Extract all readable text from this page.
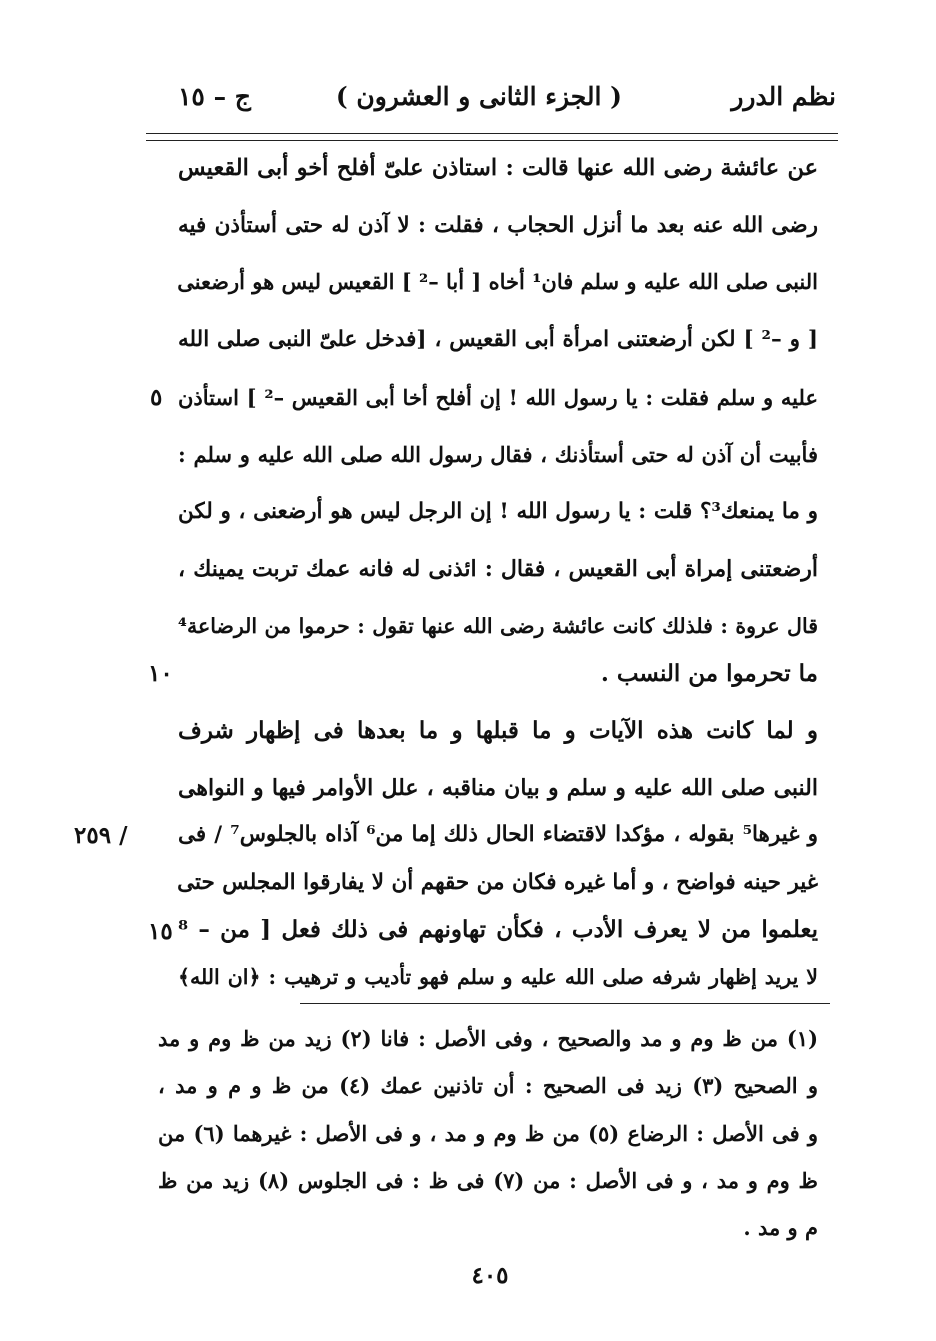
نظم الدرر
( الجزء الثانى و العشرون )
ج – ١٥
عن عائشة رضى الله عنها قالت : استاذن علىّ أفلح أخو أبى القعيس
رضى الله عنه بعد ما أنزل الحجاب ، فقلت : لا آذن له حتى أستأذن فيه
النبى صلى الله عليه و سلم فان¹ أخاه [ أبا –² ] القعيس ليس هو أرضعنى
[ و –² ] لكن أرضعتنى امرأة أبى القعيس ، [فدخل علىّ النبى صلى الله
عليه و سلم فقلت : يا رسول الله ! إن أفلح أخا أبى القعيس –² ] استأذن
فأبيت أن آذن له حتى أستأذنك ، فقال رسول الله صلى الله عليه و سلم :
و ما يمنعك³؟ قلت : يا رسول الله ! إن الرجل ليس هو أرضعنى ، و لكن
أرضعتنى إمراة أبى القعيس ، فقال : ائذنى له فانه عمك تربت يمينك ،
قال عروة : فلذلك كانت عائشة رضى الله عنها تقول : حرموا من الرضاعة⁴
ما تحرموا من النسب .
و لما كانت هذه الآيات و ما قبلها و ما بعدها فى إظهار شرف
النبى صلى الله عليه و سلم و بيان مناقبه ، علل الأوامر فيها و النواهى
و غيرها⁵ بقوله ، مؤكدا لاقتضاء الحال ذلك إما من⁶ آذاه بالجلوس⁷ / فى
غير حينه فواضح ، و أما غيره فكان من حقهم أن لا يفارقوا المجلس حتى
يعلموا من لا يعرف الأدب ، فكأن تهاونهم فى ذلك فعل [ من – ⁸
لا يريد إظهار شرفه صلى الله عليه و سلم فهو تأديب و ترهيب : ﴿ان الله﴾
٥
١٠
/ ٢٥٩
١٥
(١) من ظ وم و مد والصحيح ، وفى الأصل : فانا (٢) زيد من ظ وم و مد
و الصحيح (٣) زيد فى الصحيح : أن تاذنين عمك (٤) من ظ و م و مد ،
و فى الأصل : الرضاع (٥) من ظ وم و مد ، و فى الأصل : غيرهما (٦) من
ظ وم و مد ، و فى الأصل : من (٧) فى ظ : فى الجلوس (٨) زيد من ظ
م و مد .
٤٠٥
